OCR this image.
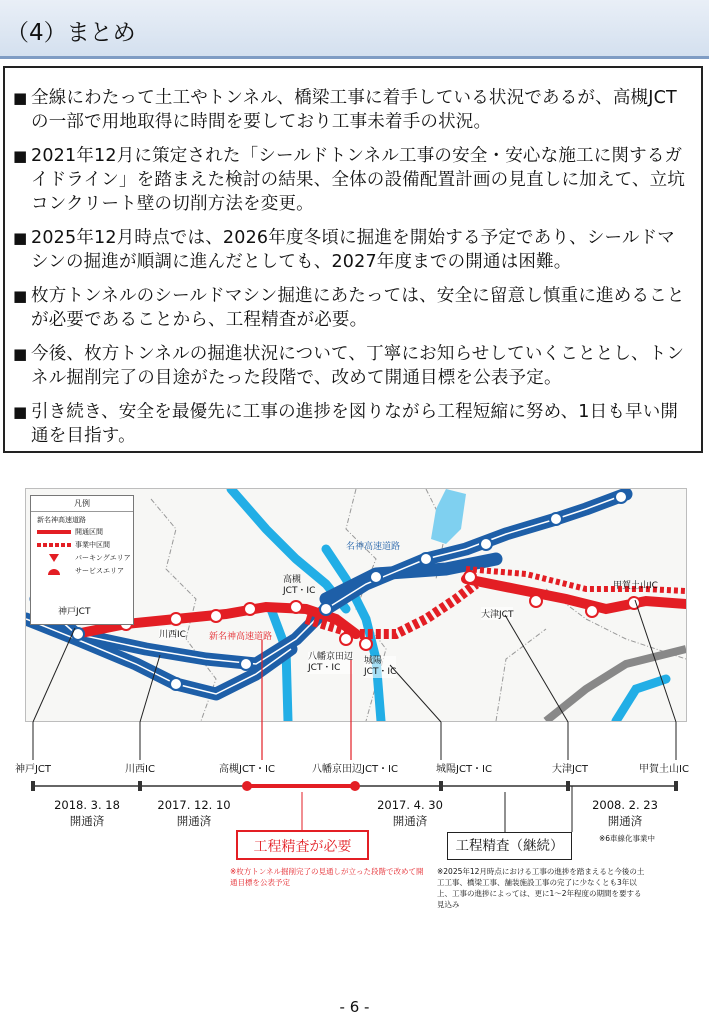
（4）まとめ
■ 全線にわたって土工やトンネル、橋梁工事に着手している状況であるが、高槻JCTの一部で用地取得に時間を要しており工事未着手の状況。
■ 2021年12月に策定された「シールドトンネル工事の安全・安心な施工に関するガイドライン」を踏まえた検討の結果、全体の設備配置計画の見直しに加えて、立坑コンクリート壁の切削方法を変更。
■ 2025年12月時点では、2026年度冬頃に掘進を開始する予定であり、シールドマシンの掘進が順調に進んだとしても、2027年度までの開通は困難。
■ 枚方トンネルのシールドマシン掘進にあたっては、安全に留意し慎重に進めることが必要であることから、工程精査が必要。
■ 今後、枚方トンネルの掘進状況について、丁寧にお知らせしていくこととし、トンネル掘削完了の目途がたった段階で、改めて開通目標を公表予定。
■ 引き続き、安全を最優先に工事の進捗を図りながら工程短縮に努め、1日も早い開通を目指す。
凡例
新名神高速道路
開通区間
事業中区間
パーキングエリア
サービスエリア
名神高速道路
新名神高速道路
神戸JCT
川西IC
高槻
JCT・IC
八幡京田辺
JCT・IC
城陽
JCT・IC
大津JCT
甲賀土山IC
神戸JCT	川西IC	高槻JCT・IC	八幡京田辺JCT・IC	城陽JCT・IC	大津JCT	甲賀土山IC
2018. 3. 18
開通済
2017. 12. 10
開通済
2017. 4. 30
開通済
2008. 2. 23
開通済
※6車線化事業中
工程精査が必要	工程精査（継続）
※枚方トンネル掘削完了の見通しが立った段階で改めて開通目標を公表予定
※2025年12月時点における工事の進捗を踏まえると今後の土工工事、橋梁工事、舗装施設工事の完了に少なくとも3年以上、工事の進捗によっては、更に1～2年程度の期間を要する見込み
- 6 -
